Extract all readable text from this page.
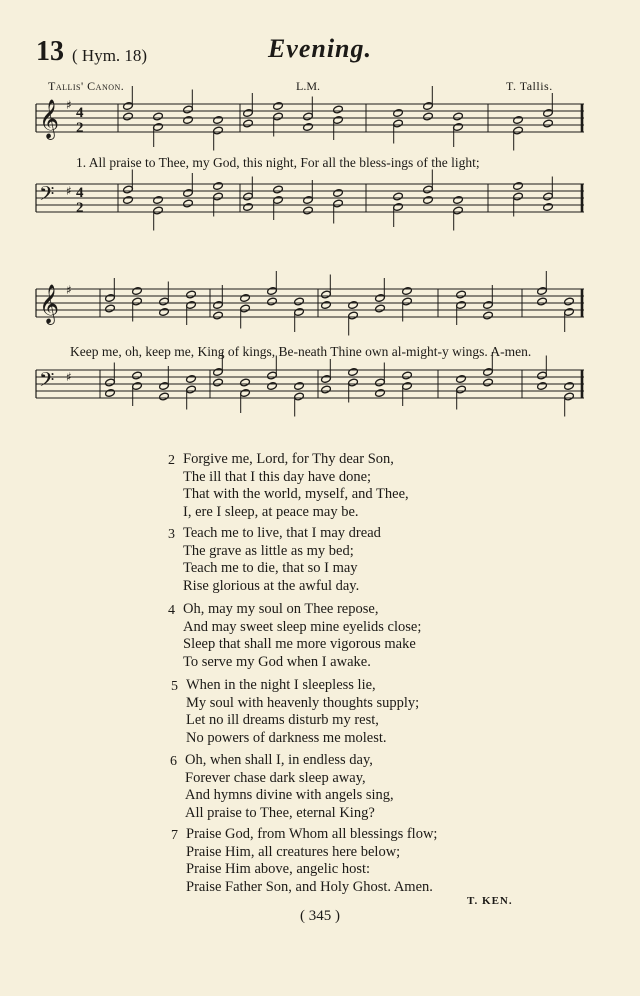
13 ( Hym. 18)	Evening.
Tallis' Canon.	L.M.	T. Tallis.
𝄞 ♯ 4
2
𝄢 ♯ 4
2
𝄞 ♯
𝄢 ♯
1. All praise to Thee, my God, this night, For all the bless-ings of the light;
Keep me, oh, keep me, King of kings, Be-neath Thine own al-might-y wings. A-men.
2 Forgive me, Lord, for Thy dear Son,
The ill that I this day have done;
That with the world, myself, and Thee,
I, ere I sleep, at peace may be.
3 Teach me to live, that I may dread
The grave as little as my bed;
Teach me to die, that so I may
Rise glorious at the awful day.
4 Oh, may my soul on Thee repose,
And may sweet sleep mine eyelids close;
Sleep that shall me more vigorous make
To serve my God when I awake.
5 When in the night I sleepless lie,
My soul with heavenly thoughts supply;
Let no ill dreams disturb my rest,
No powers of darkness me molest.
6 Oh, when shall I, in endless day,
Forever chase dark sleep away,
And hymns divine with angels sing,
All praise to Thee, eternal King?
7 Praise God, from Whom all blessings flow;
Praise Him, all creatures here below;
Praise Him above, angelic host:
Praise Father Son, and Holy Ghost. Amen.
T. KEN.
( 345 )
